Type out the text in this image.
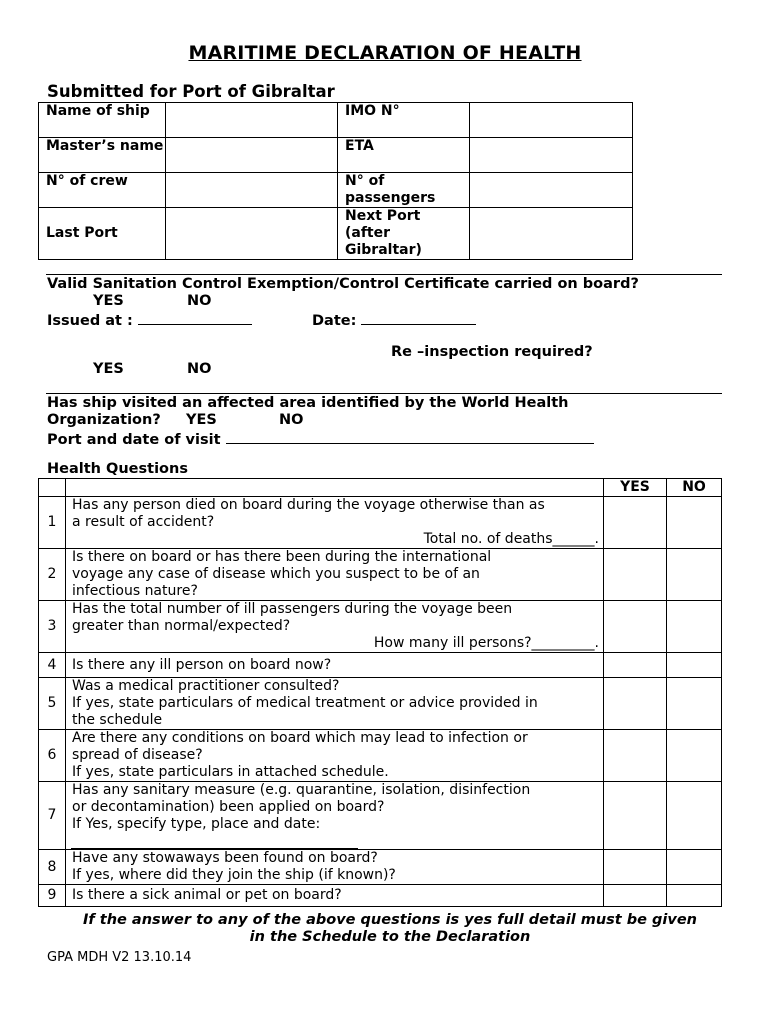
MARITIME DECLARATION OF HEALTH
Submitted for Port of Gibraltar
Name of ship		IMO N°	
Master’s name		ETA	
N° of crew		N° of passengers	
Last Port		Next Port (after Gibraltar)	
Valid Sanitation Control Exemption/Control Certificate carried on board?
YES	NO
Issued at :	Date:
Re –inspection required?
YES	NO
Has ship visited an affected area identified by the World Health
Organization? YES	NO
Port and date of visit
Health Questions
		YES	NO
1	Has any person died on board during the voyage otherwise than as
a result of accident?
Total no. of deaths______.		

2	Is there on board or has there been during the international
voyage any case of disease which you suspect to be of an
infectious nature?		

3	Has the total number of ill passengers during the voyage been
greater than normal/expected?
How many ill persons?_________.		

4	Is there any ill person on board now?		

5	Was a medical practitioner consulted?
If yes, state particulars of medical treatment or advice provided in
the schedule		

6	Are there any conditions on board which may lead to infection or
spread of disease?
If yes, state particulars in attached schedule.		

7	Has any sanitary measure (e.g. quarantine, isolation, disinfection
or decontamination) been applied on board?
If Yes, specify type, place and date:		

8	Have any stowaways been found on board?
If yes, where did they join the ship (if known)?		

9	Is there a sick animal or pet on board?		

If the answer to any of the above questions is yes full detail must be given
in the Schedule to the Declaration
GPA MDH V2 13.10.14
